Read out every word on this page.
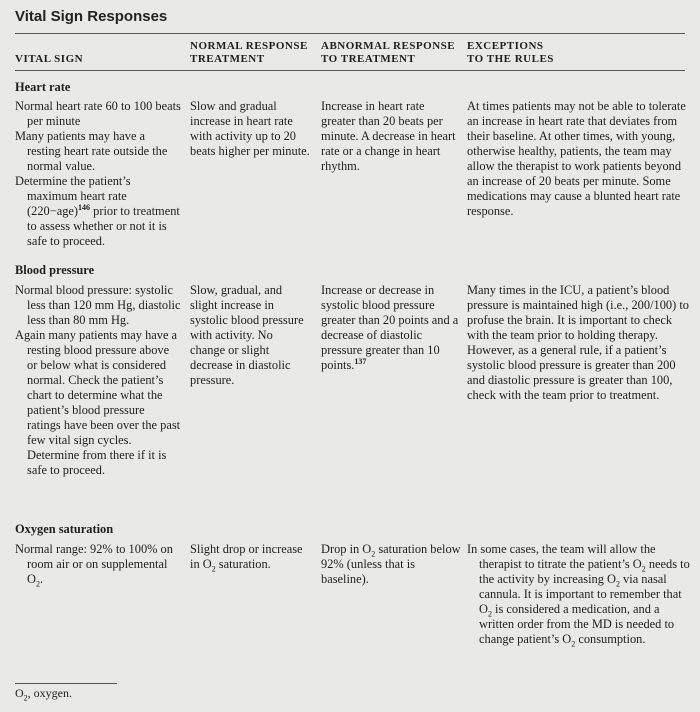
Vital Sign Responses
VITAL SIGN
NORMAL RESPONSE
TREATMENT
ABNORMAL RESPONSE
TO TREATMENT
EXCEPTIONS
TO THE RULES
Heart rate

Normal heart rate 60 to 100 beats per minute

Many patients may have a resting heart rate outside the normal value.

Determine the patient’s maximum heart rate $(220-age)^{146}$ prior to treatment to assess whether or not it is safe to proceed.

Slow and gradual increase in heart rate with activity up to 20 beats higher per minute.
Increase in heart rate greater than 20 beats per minute. A decrease in heart rate or a change in heart rhythm.
At times patients may not be able to tolerate an increase in heart rate that deviates from their baseline. At other times, with young, otherwise healthy, patients, the team may allow the therapist to work patients beyond an increase of 20 beats per minute. Some medications may cause a blunted heart rate response.
Blood pressure

Normal blood pressure: systolic less than 120 mm Hg, diastolic less than 80 mm Hg.

Again many patients may have a resting blood pressure above or below what is considered normal. Check the patient’s chart to determine what the patient’s blood pressure ratings have been over the past few vital sign cycles. Determine from there if it is safe to proceed.

Slow, gradual, and slight increase in systolic blood pressure with activity. No change or slight decrease in diastolic pressure.
Increase or decrease in systolic blood pressure greater than 20 points and a decrease of diastolic pressure greater than 10 points.$^{137}$
Many times in the ICU, a patient’s blood pressure is maintained high (i.e., 200/100) to profuse the brain. It is important to check with the team prior to holding therapy. However, as a general rule, if a patient’s systolic blood pressure is greater than 200 and diastolic pressure is greater than 100, check with the team prior to treatment.
Oxygen saturation

Normal range: 92% to 100% on room air or on supplemental $O_2$.

Slight drop or increase in $O_2$ saturation.
Drop in $O_2$ saturation below 92% (unless that is baseline).

In some cases, the team will allow the therapist to titrate the patient’s $O_2$ needs to the activity by increasing $O_2$ via nasal cannula. It is important to remember that $O_2$ is considered a medication, and a written order from the MD is needed to change patient’s $O_2$ consumption.

$O_2$, oxygen.
